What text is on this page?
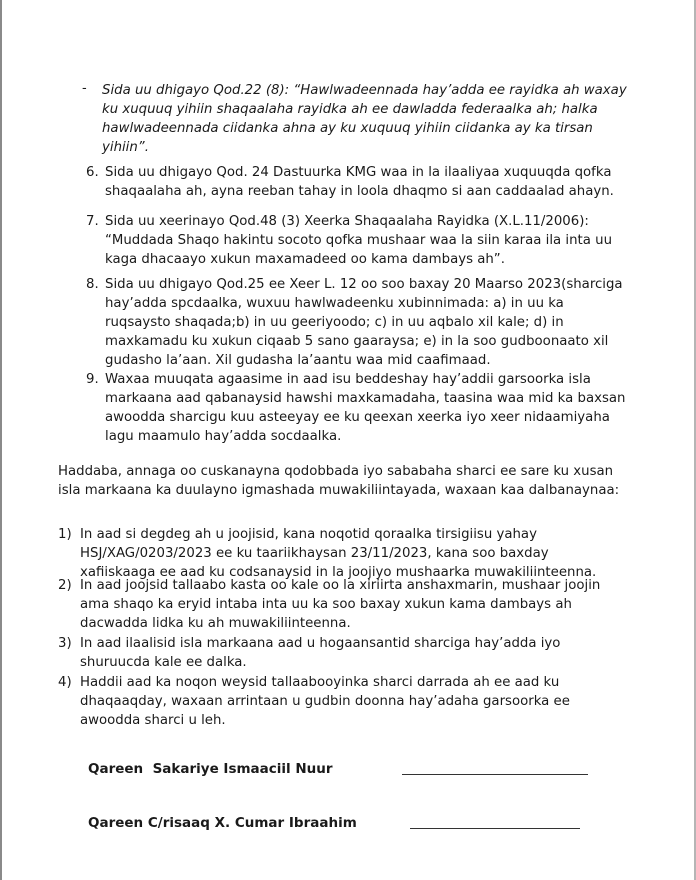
- Sida uu dhigayo Qod.22 (8): “Hawlwadeennada hay’adda ee rayidka ah waxay
ku xuquuq yihiin shaqaalaha rayidka ah ee dawladda federaalka ah; halka
hawlwadeennada ciidanka ahna ay ku xuquuq yihiin ciidanka ay ka tirsan
yihiin”.
6. Sida uu dhigayo Qod. 24 Dastuurka KMG waa in la ilaaliyaa xuquuqda qofka
shaqaalaha ah, ayna reeban tahay in loola dhaqmo si aan caddaalad ahayn.
7. Sida uu xeerinayo Qod.48 (3) Xeerka Shaqaalaha Rayidka (X.L.11/2006):
“Muddada Shaqo hakintu socoto qofka mushaar waa la siin karaa ila inta uu
kaga dhacaayo xukun maxamadeed oo kama dambays ah”.
8. Sida uu dhigayo Qod.25 ee Xeer L. 12 oo soo baxay 20 Maarso 2023(sharciga
hay’adda spcdaalka, wuxuu hawlwadeenku xubinnimada: a) in uu ka
ruqsaysto shaqada;b) in uu geeriyoodo; c) in uu aqbalo xil kale; d) in
maxkamadu ku xukun ciqaab 5 sano gaaraysa; e) in la soo gudboonaato xil
gudasho la’aan. Xil gudasha la’aantu waa mid caafimaad.
9. Waxaa muuqata agaasime in aad isu beddeshay hay’addii garsoorka isla
markaana aad qabanaysid hawshi maxkamadaha, taasina waa mid ka baxsan
awoodda sharcigu kuu asteeyay ee ku qeexan xeerka iyo xeer nidaamiyaha
lagu maamulo hay’adda socdaalka.
Haddaba, annaga oo cuskanayna qodobbada iyo sababaha sharci ee sare ku xusan
isla markaana ka duulayno igmashada muwakiliintayada, waxaan kaa dalbanaynaa:
1) In aad si degdeg ah u joojisid, kana noqotid qoraalka tirsigiisu yahay
HSJ/XAG/0203/2023 ee ku taariikhaysan 23/11/2023, kana soo baxday
xafiiskaaga ee aad ku codsanaysid in la joojiyo mushaarka muwakiliinteenna.
2) In aad joojsid tallaabo kasta oo kale oo la xiriirta anshaxmarin, mushaar joojin
ama shaqo ka eryid intaba inta uu ka soo baxay xukun kama dambays ah
dacwadda lidka ku ah muwakiliinteenna.
3) In aad ilaalisid isla markaana aad u hogaansantid sharciga hay’adda iyo
shuruucda kale ee dalka.
4) Haddii aad ka noqon weysid tallaabooyinka sharci darrada ah ee aad ku
dhaqaaqday, waxaan arrintaan u gudbin doonna hay’adaha garsoorka ee
awoodda sharci u leh.
Qareen  Sakariye Ismaaciil Nuur
Qareen C/risaaq X. Cumar Ibraahim
